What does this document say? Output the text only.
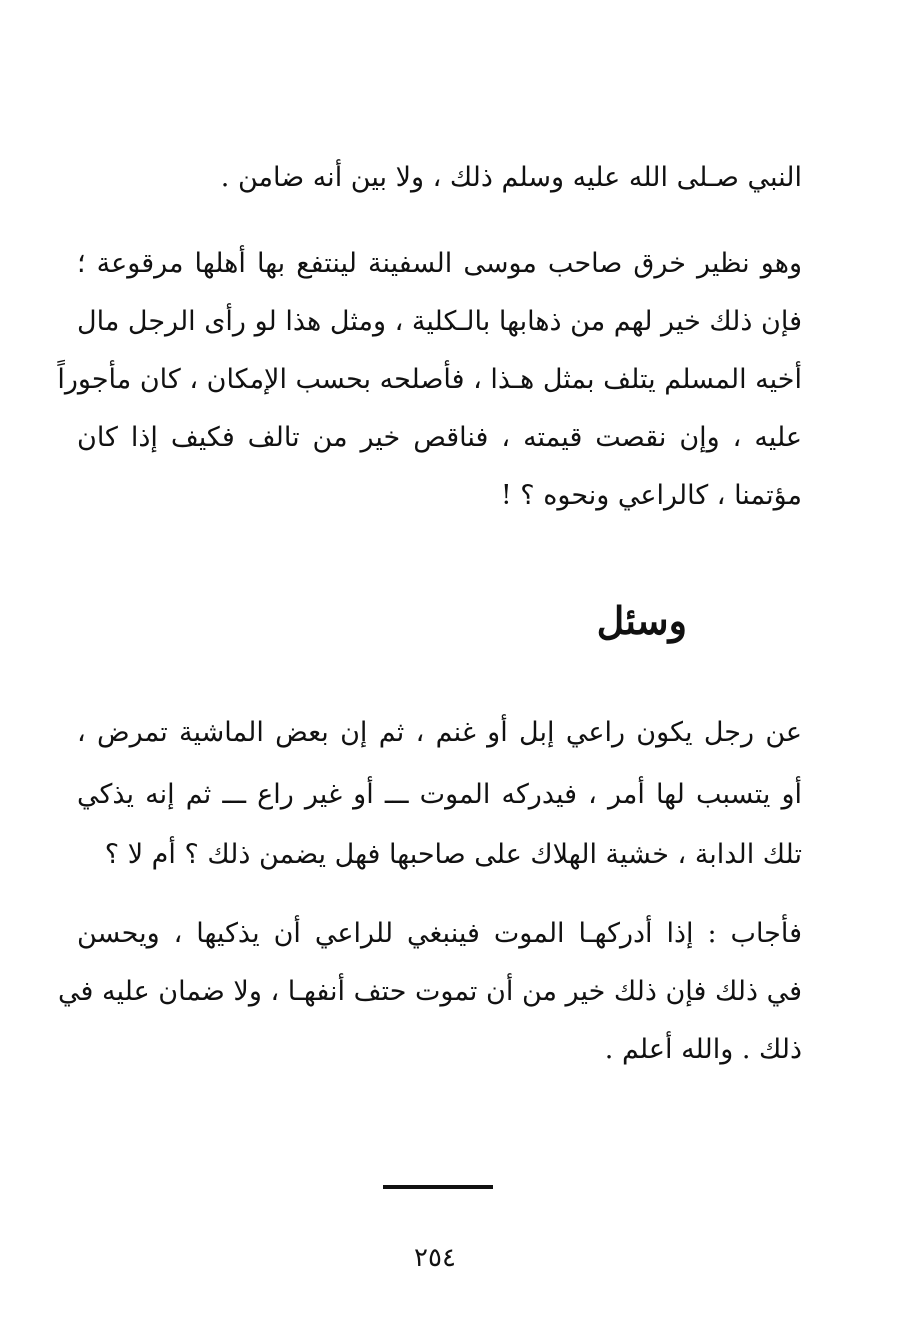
النبي صـلى الله عليه وسلم ذلك ، ولا بين أنه ضامن .
وهو نظير خرق صاحب موسى السفينة لينتفع بها أهلها مرقوعة ؛
فإن ذلك خير لهم من ذهابها بالـكلية ، ومثل هذا لو رأى الرجل مال
أخيه المسلم يتلف بمثل هـذا ، فأصلحه بحسب الإمكان ، كان مأجوراً
عليه ، وإن نقصت قيمته ، فناقص خير من تالف فكيف إذا كان
مؤتمنا ، كالراعي ونحوه ؟ !
وسئل
عن رجل يكون راعي إبل أو غنم ، ثم إن بعض الماشية تمرض ،
أو يتسبب لها أمر ، فيدركه الموت ـــ أو غير راع ـــ ثم إنه يذكي
تلك الدابة ، خشية الهلاك على صاحبها فهل يضمن ذلك ؟ أم لا ؟
فأجاب : إذا أدركهـا الموت فينبغي للراعي أن يذكيها ، ويحسن
في ذلك فإن ذلك خير من أن تموت حتف أنفهـا ، ولا ضمان عليه في
ذلك . والله أعلم .
٢٥٤
